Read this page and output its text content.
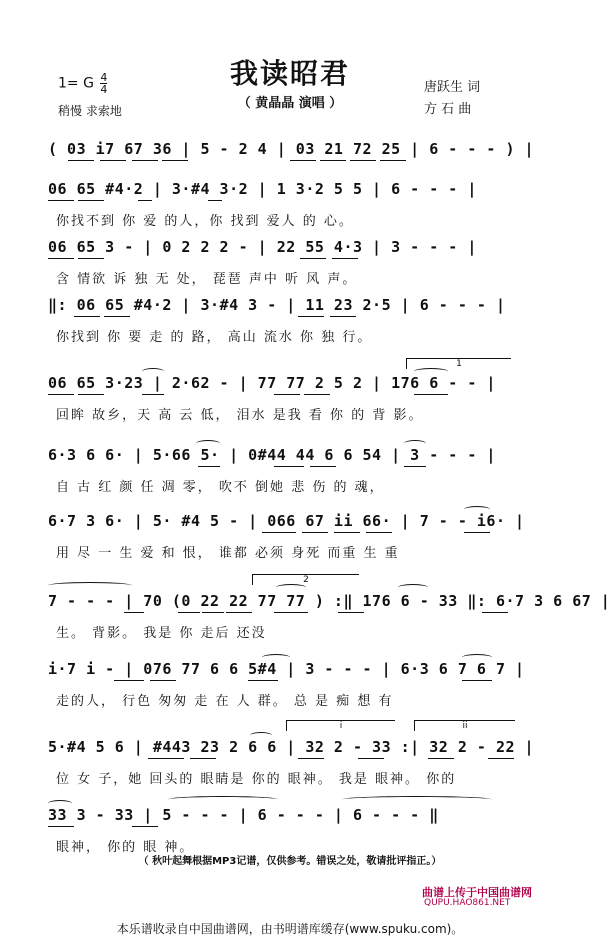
我读昭君
（ 黄晶晶 演唱 ）
1= G $\frac{4}{4}$
稍慢 求索地
唐跃生 词
方 石 曲
( 03 i7 67 36 | 5 - 2 4 | 03 21 72 25 | 6 - - - ) |
06 65 #4·2 | 3·#4 3·2 | 1 3·2 5 5 | 6 - - - |
你找不到 你 爱 的人，你 找到 爱人 的 心。
06 65 3 - | 0 2 2 2 - | 22 55 4·3 | 3 - - - |
含 情欲 诉 独 无 处， 琵琶 声中 听 风 声。
‖: 06 65 #4·2 | 3·#4 3 - | 11 23 2·5 | 6 - - - |
你找到 你 要 走 的 路， 高山 流水 你 独 行。
1
06 65 3·23 | 2·62 - | 77 77 2 5 2 | 176 6 - - |
回眸 故乡，天 高 云 低， 泪水 是我 看 你 的 背 影。
6·3 6 6· | 5·66 5· | 0#44 44 6 6 54 | 3 - - - |
自 古 红 颜 任 凋 零， 吹不 倒她 悲 伤 的 魂，
6·7 3 6· | 5· #4 5 - | 066 67 ii 66· | 7 - - i6· |
用 尽 一 生 爱 和 恨， 谁都 必须 身死 而重 生 重
2
7 - - - | 70 (0 22 22 77 77 ) :‖ 176 6 - 33 ‖: 6·7 3 6 67 |
生。 背影。 我是 你 走后 还没
i·7 i - | 076 77 6 6 5#4 | 3 - - - | 6·3 6 7 6 7 |
走的人， 行色 匆匆 走 在 人 群。 总 是 痴 想 有
i	ii
5·#4 5 6 | #443 23 2 6 6 | 32 2 - 33 :| 32 2 - 22 |
位 女 子，她 回头的 眼睛是 你的 眼神。 我是 眼神。 你的
33 3 - 33 | 5 - - - | 6 - - - | 6 - - - ‖
眼神， 你的 眼 神。
（ 秋叶起舞根据MP3记谱，仅供参考。错误之处，敬请批评指正。）
曲谱上传于中国曲谱网
QUPU.HAO861.NET
本乐谱收录自中国曲谱网，由书明谱库缓存(www.spuku.com)。
